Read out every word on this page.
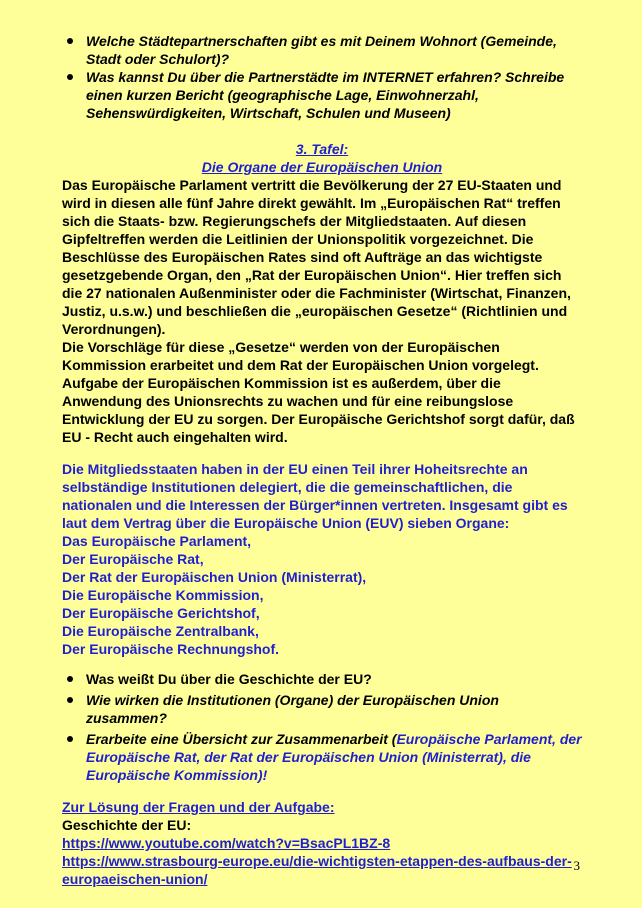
Welche Städtepartnerschaften gibt es mit Deinem Wohnort (Gemeinde, Stadt oder Schulort)?
Was kannst Du über die Partnerstädte im INTERNET erfahren? Schreibe einen kurzen Bericht (geographische Lage, Einwohnerzahl, Sehenswürdigkeiten, Wirtschaft, Schulen und Museen)
3. Tafel:
Die Organe der Europäischen Union

Das Europäische Parlament vertritt die Bevölkerung der 27 EU-Staaten und wird in diesen alle fünf Jahre direkt gewählt. Im „Europäischen Rat“ treffen sich die Staats- bzw. Regierungschefs der Mitgliedstaaten. Auf diesen Gipfeltreffen werden die Leitlinien der Unionspolitik vorgezeichnet. Die Beschlüsse des Europäischen Rates sind oft Aufträge an das wichtigste gesetzgebende Organ, den „Rat der Europäischen Union“. Hier treffen sich die 27 nationalen Außenminister oder die Fachminister (Wirtschat, Finanzen, Justiz, u.s.w.) und beschließen die „europäischen Gesetze“ (Richtlinien und Verordnungen).

Die Vorschläge für diese „Gesetze“ werden von der Europäischen Kommission erarbeitet und dem Rat der Europäischen Union vorgelegt. Aufgabe der Europäischen Kommission ist es außerdem, über die Anwendung des Unionsrechts zu wachen und für eine reibungslose Entwicklung der EU zu sorgen. Der Europäische Gerichtshof sorgt dafür, daß EU - Recht auch eingehalten wird.

Die Mitgliedsstaaten haben in der EU einen Teil ihrer Hoheitsrechte an selbständige Institutionen delegiert, die die gemeinschaftlichen, die nationalen und die Interessen der Bürger*innen vertreten. Insgesamt gibt es laut dem Vertrag über die Europäische Union (EUV) sieben Organe:

Das Europäische Parlament,
Der Europäische Rat,
Der Rat der Europäischen Union (Ministerrat),
Die Europäische Kommission,
Der Europäische Gerichtshof,
Die Europäische Zentralbank,
Der Europäische Rechnungshof.
Was weißt Du über die Geschichte der EU?
Wie wirken die Institutionen (Organe) der Europäischen Union zusammen?
Erarbeite eine Übersicht zur Zusammenarbeit (Europäische Parlament, der Europäische Rat, der Rat der Europäischen Union (Ministerrat), die Europäische Kommission)!
Zur Lösung der Fragen und der Aufgabe:
Geschichte der EU:
https://www.youtube.com/watch?v=BsacPL1BZ-8
https://www.strasbourg-europe.eu/die-wichtigsten-etappen-des-aufbaus-der-europaeischen-union/
3
